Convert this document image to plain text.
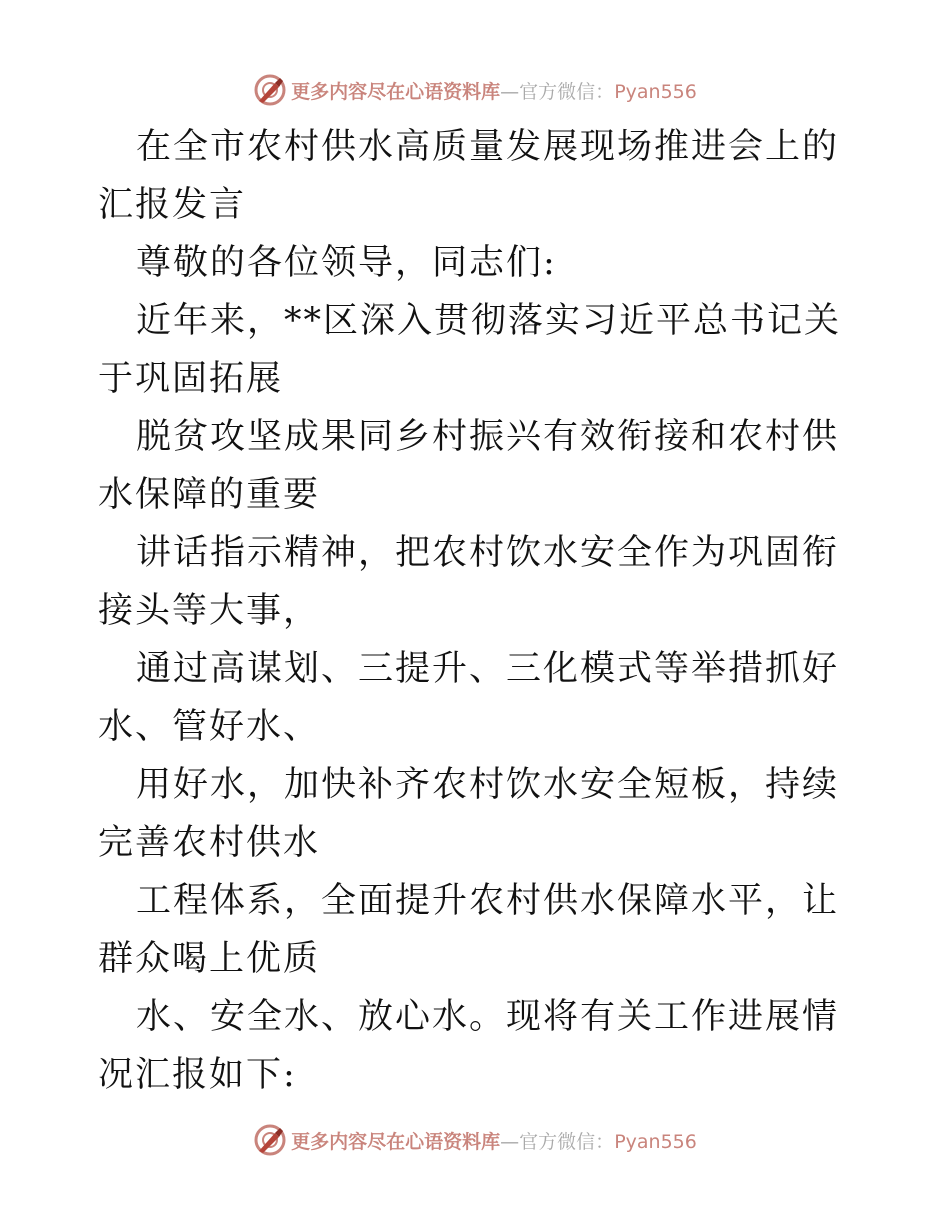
更多内容尽在心语资料库—官方微信：Pyan556

在全市农村供水高质量发展现场推进会上的汇报发言

尊敬的各位领导，同志们:

近年来，**区深入贯彻落实习近平总书记关于巩固拓展

脱贫攻坚成果同乡村振兴有效衔接和农村供水保障的重要

讲话指示精神，把农村饮水安全作为巩固衔接头等大事，

通过高谋划、三提升、三化模式等举措抓好水、管好水、

用好水，加快补齐农村饮水安全短板，持续完善农村供水

工程体系，全面提升农村供水保障水平，让群众喝上优质

水、安全水、放心水。现将有关工作进展情况汇报如下:

更多内容尽在心语资料库—官方微信：Pyan556
